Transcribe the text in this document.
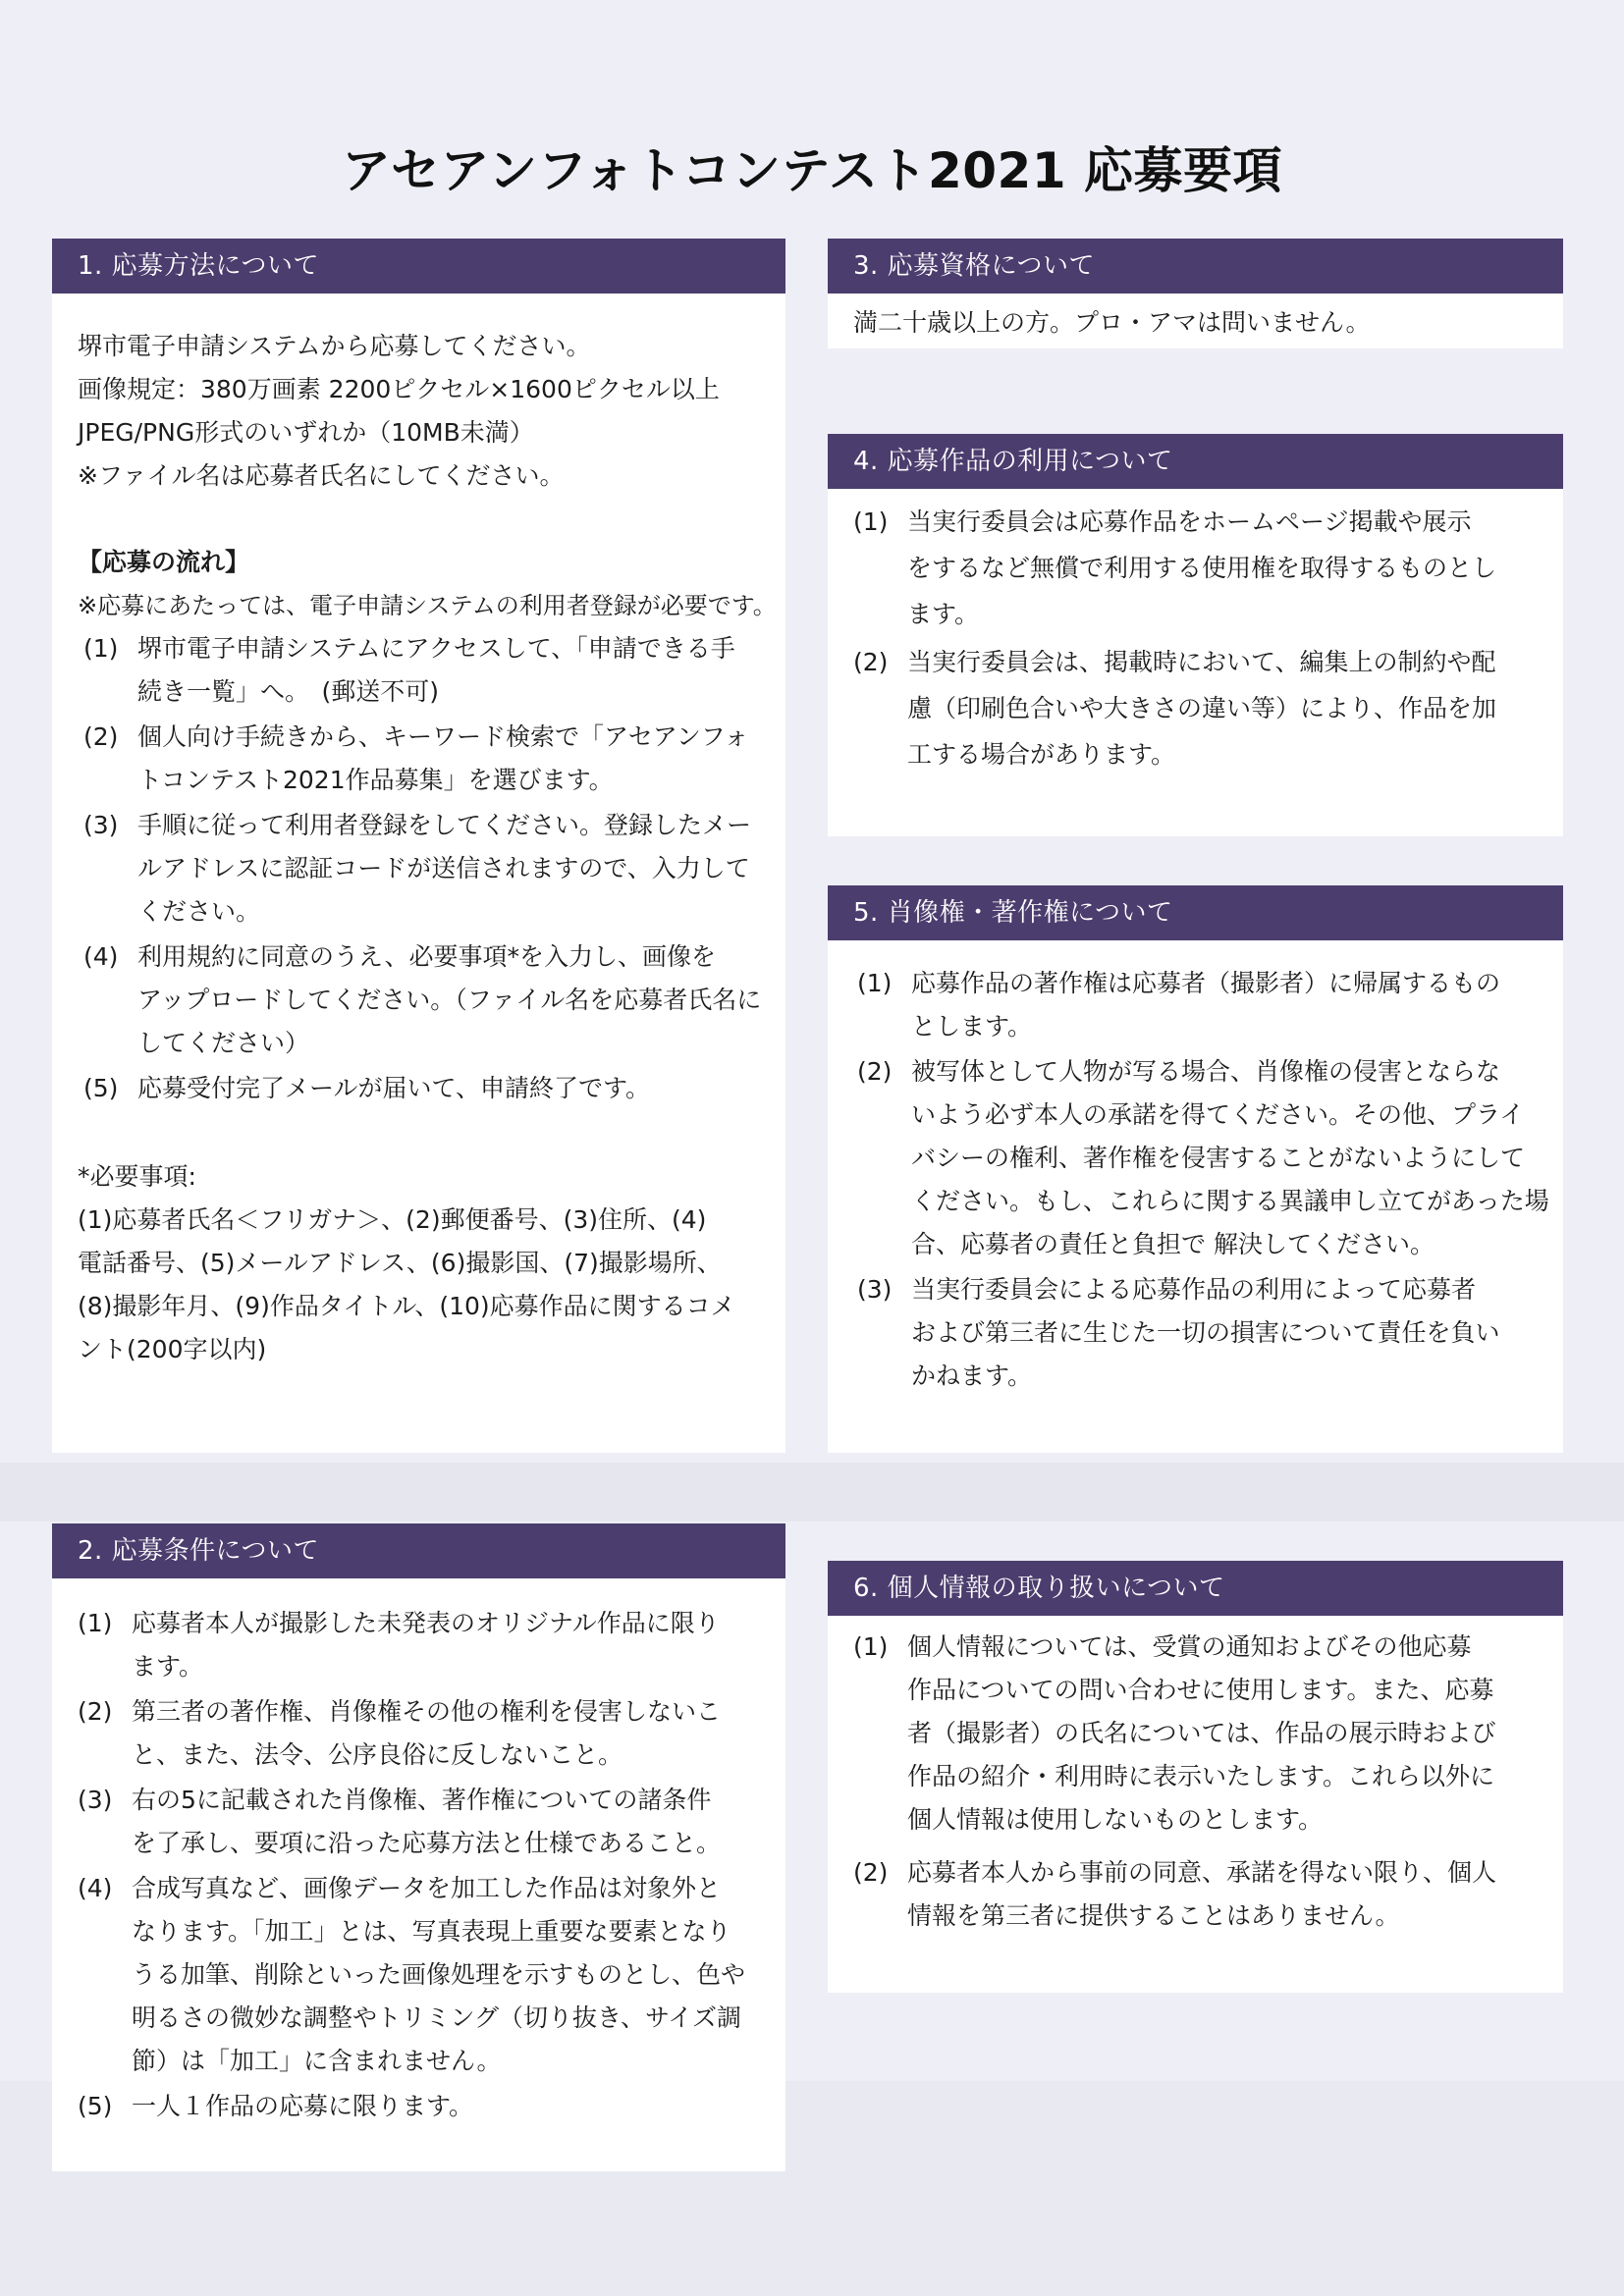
アセアンフォトコンテスト2021 応募要項
1. 応募方法について

堺市電子申請システムから応募してください。

画像規定：380万画素 2200ピクセル×1600ピクセル以上

JPEG/PNG形式のいずれか（10MB未満）

※ファイル名は応募者氏名にしてください。

【応募の流れ】

※応募にあたっては、電子申請システムの利用者登録が必要です。

(1) 堺市電子申請システムにアクセスして、「申請できる手
続き一覧」へ。　(郵送不可)
(2) 個人向け手続きから、キーワード検索で「アセアンフォ
トコンテスト2021作品募集」を選びます。
(3) 手順に従って利用者登録をしてください。登録したメー
ルアドレスに認証コードが送信されますので、入力して
ください。
(4) 利用規約に同意のうえ、必要事項*を入力し、画像を
アップロードしてください。（ファイル名を応募者氏名に
してください）
(5) 応募受付完了メールが届いて、申請終了です。

*必要事項:

(1)応募者氏名＜フリガナ＞、(2)郵便番号、(3)住所、(4)

電話番号、(5)メールアドレス、(6)撮影国、(7)撮影場所、

(8)撮影年月、(9)作品タイトル、(10)応募作品に関するコメ

ント(200字以内)

2. 応募条件について
(1) 応募者本人が撮影した未発表のオリジナル作品に限り
ます。
(2) 第三者の著作権、肖像権その他の権利を侵害しないこ
と、また、法令、公序良俗に反しないこと。
(3) 右の5に記載された肖像権、著作権についての諸条件
を了承し、要項に沿った応募方法と仕様であること。
(4) 合成写真など、画像データを加工した作品は対象外と
なります。「加工」とは、写真表現上重要な要素となり
うる加筆、削除といった画像処理を示すものとし、色や
明るさの微妙な調整やトリミング（切り抜き、サイズ調
節）は「加工」に含まれません。
(5) 一人１作品の応募に限ります。
3. 応募資格について

満二十歳以上の方。プロ・アマは問いません。

4. 応募作品の利用について
(1) 当実行委員会は応募作品をホームページ掲載や展示
をするなど無償で利用する使用権を取得するものとし
ます。
(2) 当実行委員会は、掲載時において、編集上の制約や配
慮（印刷色合いや大きさの違い等）により、作品を加
工する場合があります。
5. 肖像権・著作権について
(1) 応募作品の著作権は応募者（撮影者）に帰属するもの
とします。
(2) 被写体として人物が写る場合、肖像権の侵害とならな
いよう必ず本人の承諾を得てください。その他、プライ
バシーの権利、著作権を侵害することがないようにして
ください。もし、これらに関する異議申し立てがあった場
合、応募者の責任と負担で 解決してください。
(3) 当実行委員会による応募作品の利用によって応募者
および第三者に生じた一切の損害について責任を負い
かねます。
6. 個人情報の取り扱いについて
(1) 個人情報については、受賞の通知およびその他応募
作品についての問い合わせに使用します。また、応募
者（撮影者）の氏名については、作品の展示時および
作品の紹介・利用時に表示いたします。これら以外に
個人情報は使用しないものとします。
(2) 応募者本人から事前の同意、承諾を得ない限り、個人
情報を第三者に提供することはありません。
